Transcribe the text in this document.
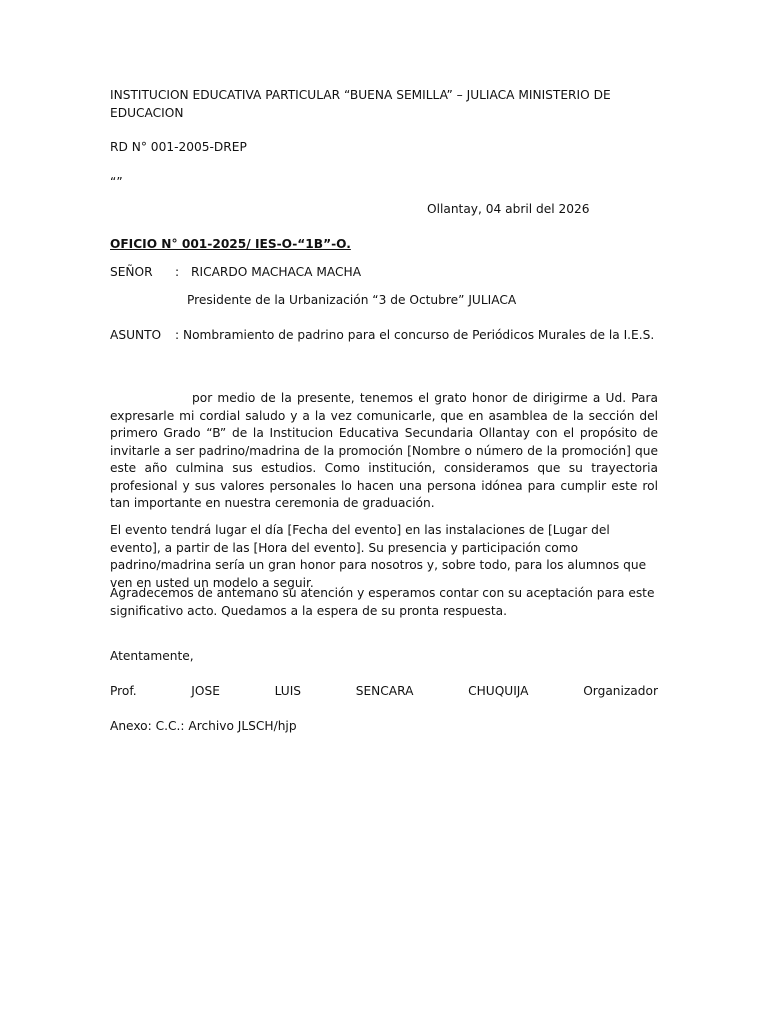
INSTITUCION EDUCATIVA PARTICULAR “BUENA SEMILLA” – JULIACA MINISTERIO DE EDUCACION

RD N° 001-2005-DREP
“”
Ollantay, 04 abril del 2026
OFICIO N° 001-2025/ IES-O-“1B”-O.
SEÑOR : RICARDO MACHACA MACHA
Presidente de la Urbanización “3 de Octubre” JULIACA
ASUNTO : Nombramiento de padrino para el concurso de Periódicos Murales de la I.E.S.

por medio de la presente, tenemos el grato honor de dirigirme a Ud. Para expresarle mi cordial saludo y a la vez comunicarle, que en asamblea de la sección del primero Grado “B” de la Institucion Educativa Secundaria Ollantay con el propósito de invitarle a ser padrino/madrina de la promoción [Nombre o número de la promoción] que este año culmina sus estudios. Como institución, consideramos que su trayectoria profesional y sus valores personales lo hacen una persona idónea para cumplir este rol tan importante en nuestra ceremonia de graduación.

El evento tendrá lugar el día [Fecha del evento] en las instalaciones de [Lugar del evento], a partir de las [Hora del evento]. Su presencia y participación como padrino/madrina sería un gran honor para nosotros y, sobre todo, para los alumnos que ven en usted un modelo a seguir.

Agradecemos de antemano su atención y esperamos contar con su aceptación para este significativo acto. Quedamos a la espera de su pronta respuesta.

Atentamente,
Prof.	JOSE	LUIS	SENCARA	CHUQUIJA	Organizador
Anexo: C.C.: Archivo JLSCH/hjp
